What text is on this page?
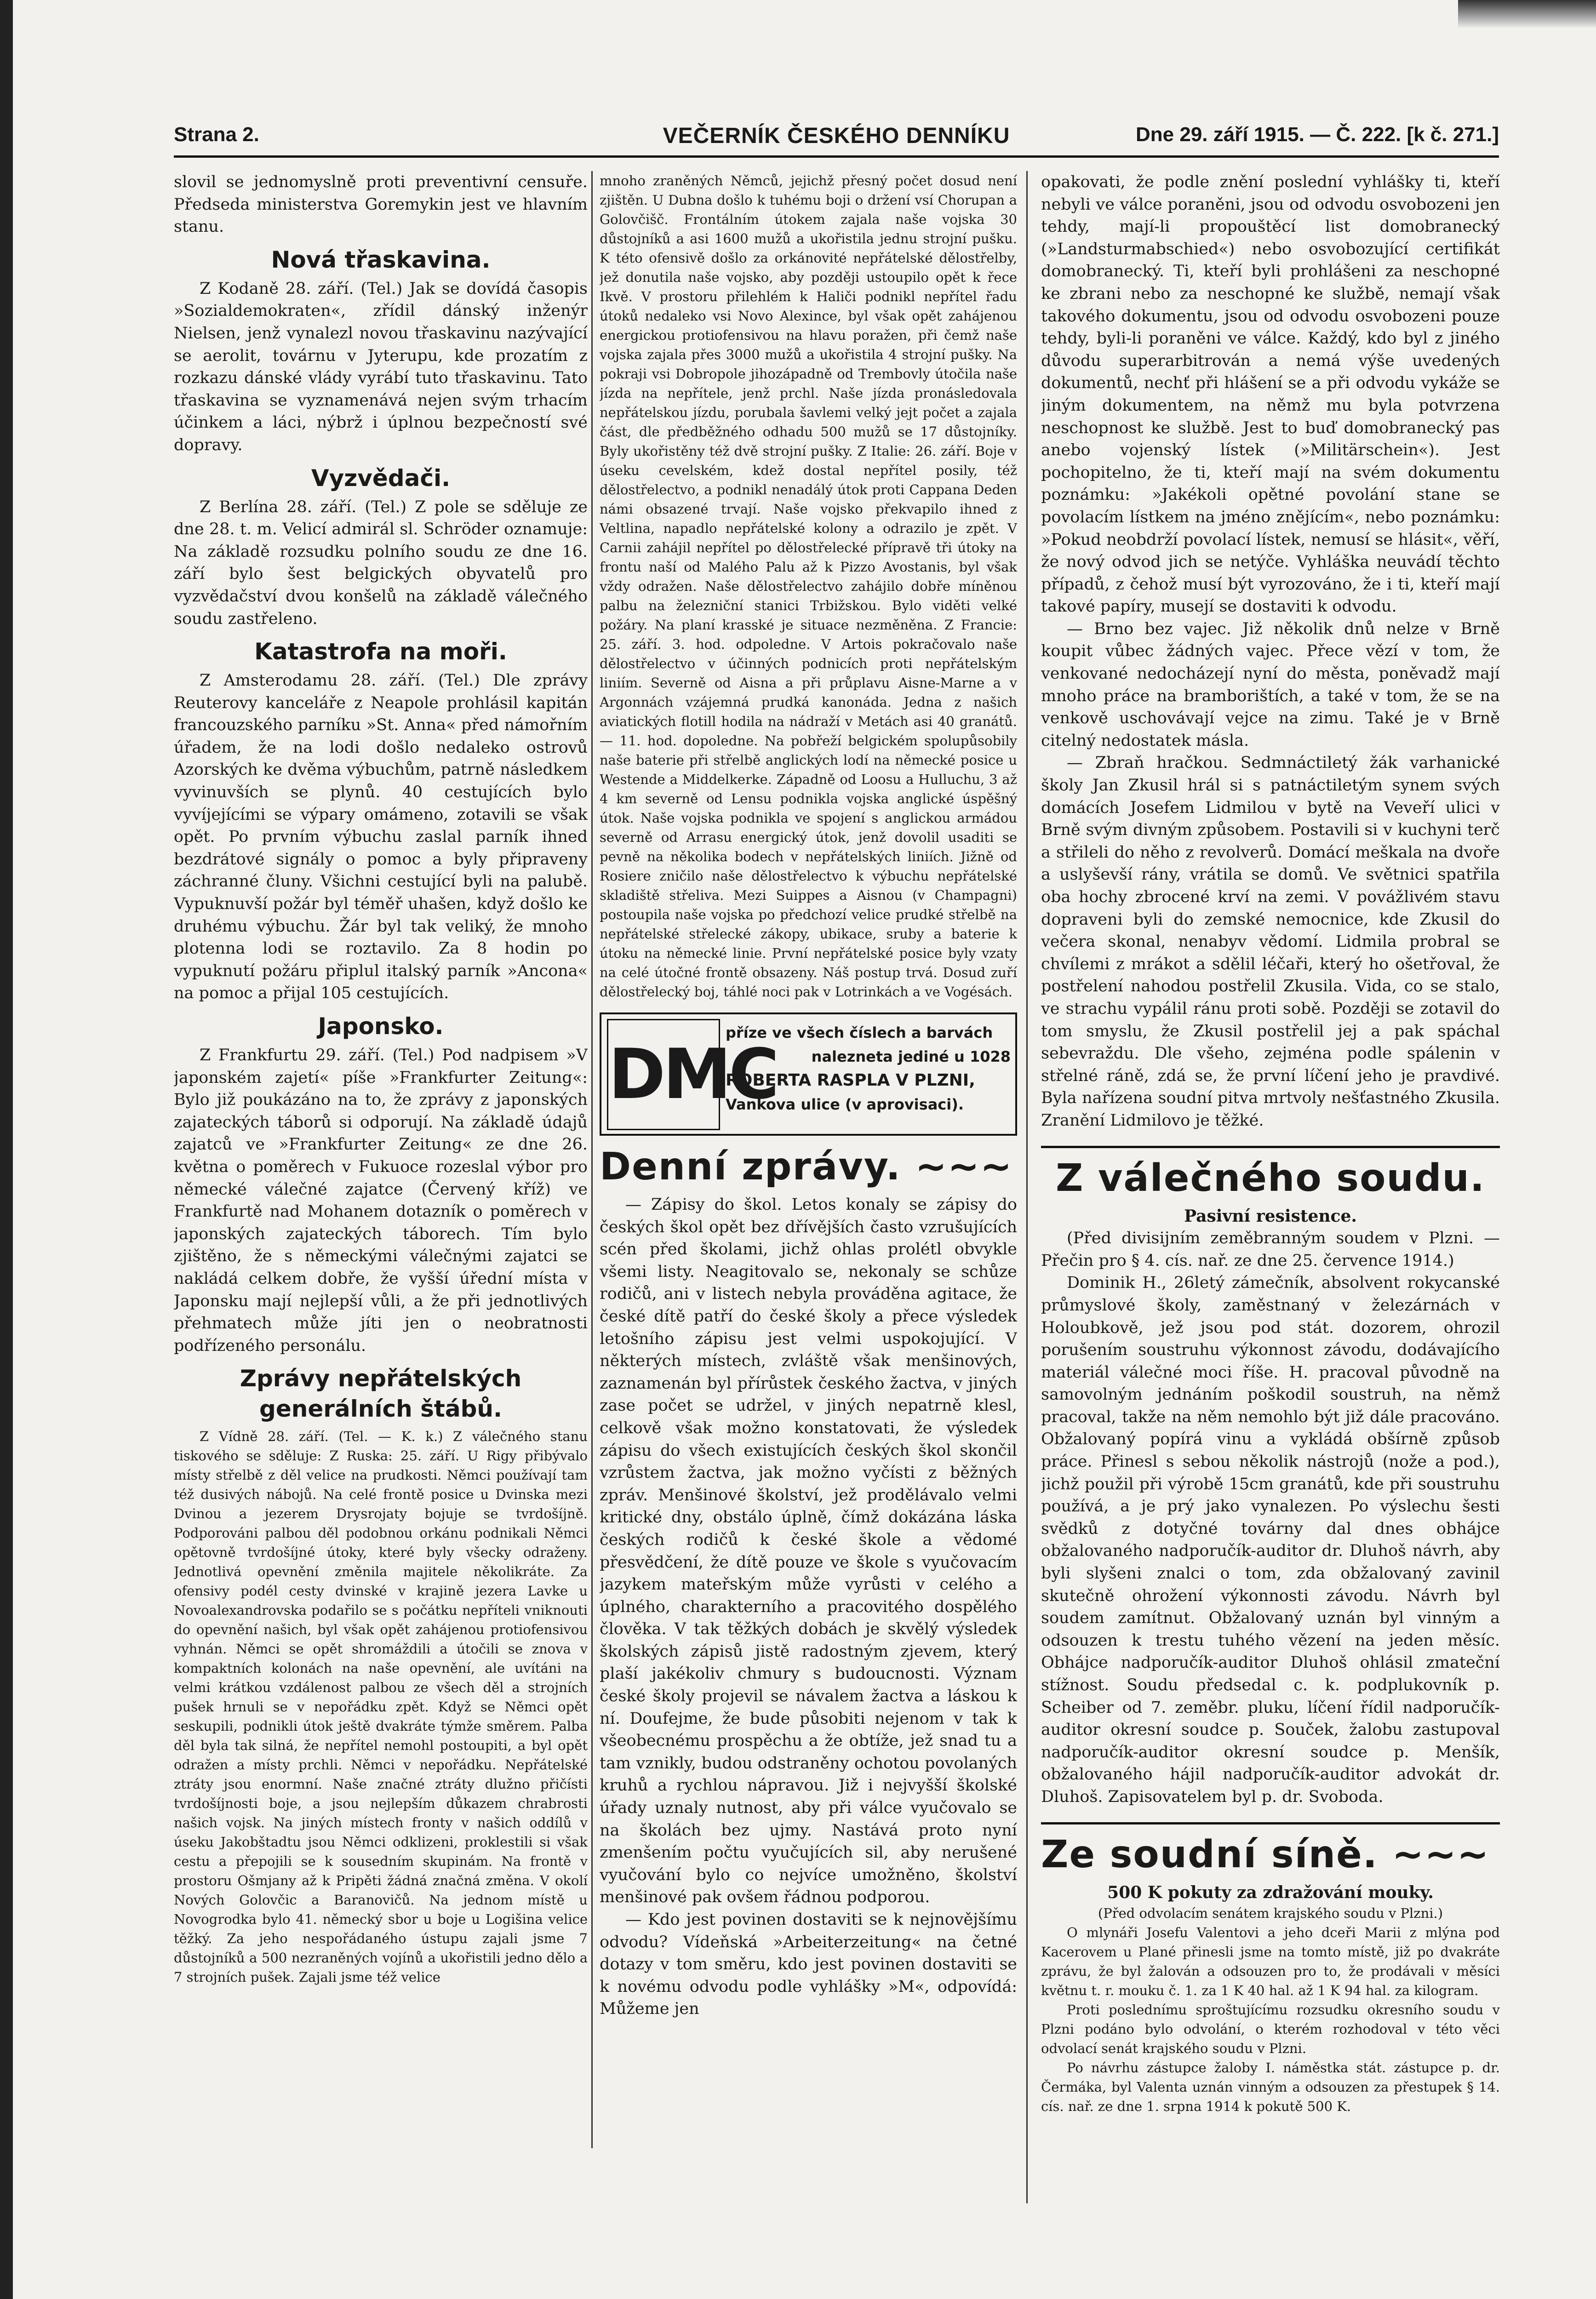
Strana 2.	VEČERNÍK ČESKÉHO DENNÍKU	Dne 29. září 1915. — Č. 222. [k č. 271.]

slovil se jednomyslně proti preventivní censuře. Předseda ministerstva Goremykin jest ve hlavním stanu.

Nová třaskavina.

Z Kodaně 28. září. (Tel.) Jak se dovídá časopis »Sozialdemokraten«, zřídil dánský inženýr Nielsen, jenž vynalezl novou třaskavinu nazývající se aerolit, továrnu v Jyterupu, kde prozatím z rozkazu dánské vlády vyrábí tuto třaskavinu. Tato třaskavina se vyznamenává nejen svým trhacím účinkem a láci, nýbrž i úplnou bezpečností své dopravy.

Vyzvědači.

Z Berlína 28. září. (Tel.) Z pole se sděluje ze dne 28. t. m. Velicí admirál sl. Schröder oznamuje: Na základě rozsudku polního soudu ze dne 16. září bylo šest belgických obyvatelů pro vyzvědačství dvou konšelů na základě válečného soudu zastřeleno.

Katastrofa na moři.

Z Amsterodamu 28. září. (Tel.) Dle zprávy Reuterovy kanceláře z Neapole prohlásil kapitán francouzského parníku »St. Anna« před námořním úřadem, že na lodi došlo nedaleko ostrovů Azorských ke dvěma výbuchům, patrně následkem vyvinuvších se plynů. 40 cestujících bylo vyvíjejícími se výpary omámeno, zotavili se však opět. Po prvním výbuchu zaslal parník ihned bezdrátové signály o pomoc a byly připraveny záchranné čluny. Všichni cestující byli na palubě. Vypuknuvší požár byl téměř uhašen, když došlo ke druhému výbuchu. Žár byl tak veliký, že mnoho plotenna lodi se roztavilo. Za 8 hodin po vypuknutí požáru připlul italský parník »Ancona« na pomoc a přijal 105 cestujících.

Japonsko.

Z Frankfurtu 29. září. (Tel.) Pod nadpisem »V japonském zajetí« píše »Frankfurter Zeitung«: Bylo již poukázáno na to, že zprávy z japonských zajateckých táborů si odporují. Na základě údajů zajatců ve »Frankfurter Zeitung« ze dne 26. května o poměrech v Fukuoce rozeslal výbor pro německé válečné zajatce (Červený kříž) ve Frankfurtě nad Mohanem dotazník o poměrech v japonských zajateckých táborech. Tím bylo zjištěno, že s německými válečnými zajatci se nakládá celkem dobře, že vyšší úřední místa v Japonsku mají nejlepší vůli, a že při jednotlivých přehmatech může jíti jen o neobratnosti podřízeného personálu.

Zprávy nepřátelských generálních štábů.

Z Vídně 28. září. (Tel. — K. k.) Z válečného stanu tiskového se sděluje: Z Ruska: 25. září. U Rigy přibývalo místy střelbě z děl velice na prudkosti. Němci používají tam též dusivých nábojů. Na celé frontě posice u Dvinska mezi Dvinou a jezerem Drysrojaty bojuje se tvrdošíjně. Podporováni palbou děl podobnou orkánu podnikali Němci opětovně tvrdošíjné útoky, které byly všecky odraženy. Jednotlivá opevnění změnila majitele několikráte. Za ofensivy podél cesty dvinské v krajině jezera Lavke u Novoalexandrovska podařilo se s počátku nepříteli vniknouti do opevnění našich, byl však opět zahájenou protiofensivou vyhnán. Němci se opět shromáždili a útočili se znova v kompaktních kolonách na naše opevnění, ale uvítáni na velmi krátkou vzdálenost palbou ze všech děl a strojních pušek hrnuli se v nepořádku zpět. Když se Němci opět seskupili, podnikli útok ještě dvakráte týmže směrem. Palba děl byla tak silná, že nepřítel nemohl postoupiti, a byl opět odražen a místy prchli. Němci v nepořádku. Nepřátelské ztráty jsou enormní. Naše značné ztráty dlužno přičísti tvrdošíjnosti boje, a jsou nejlepším důkazem chrabrosti našich vojsk. Na jiných místech fronty v našich oddílů v úseku Jakobštadtu jsou Němci odklizeni, proklestili si však cestu a přepojili se k sousedním skupinám. Na frontě v prostoru Ošmjany až k Pripěti žádná značná změna. V okolí Nových Golovčic a Baranovičů. Na jednom místě u Novogrodka bylo 41. německý sbor u boje u Logišina velice těžký. Za jeho nespořádaného ústupu zajali jsme 7 důstojníků a 500 nezraněných vojínů a ukořistili jedno dělo a 7 strojních pušek. Zajali jsme též velice

mnoho zraněných Němců, jejichž přesný počet dosud není zjištěn. U Dubna došlo k tuhému boji o držení vsí Chorupan a Golovčišč. Frontálním útokem zajala naše vojska 30 důstojníků a asi 1600 mužů a ukořistila jednu strojní pušku. K této ofensivě došlo za orkánovité nepřátelské dělostřelby, jež donutila naše vojsko, aby později ustoupilo opět k řece Ikvě. V prostoru přilehlém k Haliči podnikl nepřítel řadu útoků nedaleko vsi Novo Alexince, byl však opět zahájenou energickou protiofensivou na hlavu poražen, při čemž naše vojska zajala přes 3000 mužů a ukořistila 4 strojní pušky. Na pokraji vsi Dobropole jihozápadně od Trembovly útočila naše jízda na nepřítele, jenž prchl. Naše jízda pronásledovala nepřátelskou jízdu, porubala šavlemi velký jejt počet a zajala část, dle předběžného odhadu 500 mužů se 17 důstojníky. Byly ukořistěny též dvě strojní pušky. Z Italie: 26. září. Boje v úseku cevelském, kdež dostal nepřítel posily, též dělostřelectvo, a podnikl nenadálý útok proti Cappana Deden námi obsazené trvají. Naše vojsko překvapilo ihned z Veltlina, napadlo nepřátelské kolony a odrazilo je zpět. V Carnii zahájil nepřítel po dělostřelecké přípravě tři útoky na frontu naší od Malého Palu až k Pizzo Avostanis, byl však vždy odražen. Naše dělostřelectvo zahájilo dobře míněnou palbu na železniční stanici Trbižskou. Bylo viděti velké požáry. Na planí krasské je situace nezměněna. Z Francie: 25. září. 3. hod. odpoledne. V Artois pokračovalo naše dělostřelectvo v účinných podnicích proti nepřátelským liniím. Severně od Aisna a při průplavu Aisne-Marne a v Argonnách vzájemná prudká kanonáda. Jedna z našich aviatických flotill hodila na nádraží v Metách asi 40 granátů. — 11. hod. dopoledne. Na pobřeží belgickém spolupůsobily naše baterie při střelbě anglických lodí na německé posice u Westende a Middelkerke. Západně od Loosu a Hulluchu, 3 až 4 km severně od Lensu podnikla vojska anglické úspěšný útok. Naše vojska podnikla ve spojení s anglickou armádou severně od Arrasu energický útok, jenž dovolil usaditi se pevně na několika bodech v nepřátelských liniích. Jižně od Rosiere zničilo naše dělostřelectvo k výbuchu nepřátelské skladiště střeliva. Mezi Suippes a Aisnou (v Champagni) postoupila naše vojska po předchozí velice prudké střelbě na nepřátelské střelecké zákopy, ubikace, sruby a baterie k útoku na německé linie. První nepřátelské posice byly vzaty na celé útočné frontě obsazeny. Náš postup trvá. Dosud zuří dělostřelecký boj, táhlé noci pak v Lotrinkách a ve Vogésách.

DMC
příze ve všech číslech a barvách
nalezneta jediné u 1028
ROBERTA RASPLA V PLZNI,
Vankova ulice (v aprovisaci).
Denní zprávy. ~~~

— Zápisy do škol. Letos konaly se zápisy do českých škol opět bez dřívějších často vzrušujících scén před školami, jichž ohlas prolétl obvykle všemi listy. Neagitovalo se, nekonaly se schůze rodičů, ani v listech nebyla prováděna agitace, že české dítě patří do české školy a přece výsledek letošního zápisu jest velmi uspokojující. V některých místech, zvláště však menšinových, zaznamenán byl přírůstek českého žactva, v jiných zase počet se udržel, v jiných nepatrně klesl, celkově však možno konstatovati, že výsledek zápisu do všech existujících českých škol skončil vzrůstem žactva, jak možno vyčísti z běžných zpráv. Menšinové školství, jež prodělávalo velmi kritické dny, obstálo úplně, čímž dokázána láska českých rodičů k české škole a vědomé přesvědčení, že dítě pouze ve škole s vyučovacím jazykem mateřským může vyrůsti v celého a úplného, charakterního a pracovitého dospělého člověka. V tak těžkých dobách je skvělý výsledek školských zápisů jistě radostným zjevem, který plaší jakékoliv chmury s budoucnosti. Význam české školy projevil se návalem žactva a láskou k ní. Doufejme, že bude působiti nejenom v tak k všeobecnému prospěchu a že obtíže, jež snad tu a tam vznikly, budou odstraněny ochotou povolaných kruhů a rychlou nápravou. Již i nejvyšší školské úřady uznaly nutnost, aby při válce vyučovalo se na školách bez ujmy. Nastává proto nyní zmenšením počtu vyučujících sil, aby nerušené vyučování bylo co nejvíce umožněno, školství menšinové pak ovšem řádnou podporou.

— Kdo jest povinen dostaviti se k nejnovějšímu odvodu? Vídeňská »Arbeiterzeitung« na četné dotazy v tom směru, kdo jest povinen dostaviti se k novému odvodu podle vyhlášky »M«, odpovídá: Můžeme jen

opakovati, že podle znění poslední vyhlášky ti, kteří nebyli ve válce poraněni, jsou od odvodu osvobozeni jen tehdy, mají-li propouštěcí list domobranecký (»Landsturmabschied«) nebo osvobozující certifikát domobranecký. Ti, kteří byli prohlášeni za neschopné ke zbrani nebo za neschopné ke službě, nemají však takového dokumentu, jsou od odvodu osvobozeni pouze tehdy, byli-li poraněni ve válce. Každý, kdo byl z jiného důvodu superarbitrován a nemá výše uvedených dokumentů, nechť při hlášení se a při odvodu vykáže se jiným dokumentem, na němž mu byla potvrzena neschopnost ke službě. Jest to buď domobranecký pas anebo vojenský lístek (»Militärschein«). Jest pochopitelno, že ti, kteří mají na svém dokumentu poznámku: »Jakékoli opětné povolání stane se povolacím lístkem na jméno znějícím«, nebo poznámku: »Pokud neobdrží povolací lístek, nemusí se hlásit«, věří, že nový odvod jich se netýče. Vyhláška neuvádí těchto případů, z čehož musí být vyrozováno, že i ti, kteří mají takové papíry, musejí se dostaviti k odvodu.

— Brno bez vajec. Již několik dnů nelze v Brně koupit vůbec žádných vajec. Přece vězí v tom, že venkované nedocházejí nyní do města, poněvadž mají mnoho práce na bramborištích, a také v tom, že se na venkově uschovávají vejce na zimu. Také je v Brně citelný nedostatek másla.

— Zbraň hračkou. Sedmnáctiletý žák varhanické školy Jan Zkusil hrál si s patnáctiletým synem svých domácích Josefem Lidmilou v bytě na Veveří ulici v Brně svým divným způsobem. Postavili si v kuchyni terč a střileli do něho z revolverů. Domácí meškala na dvoře a uslyševší rány, vrátila se domů. Ve světnici spatřila oba hochy zbrocené krví na zemi. V povážlivém stavu dopraveni byli do zemské nemocnice, kde Zkusil do večera skonal, nenabyv vědomí. Lidmila probral se chvílemi z mrákot a sdělil léčaři, který ho ošetřoval, že postřelení nahodou postřelil Zkusila. Vida, co se stalo, ve strachu vypálil ránu proti sobě. Později se zotavil do tom smyslu, že Zkusil postřelil jej a pak spáchal sebevraždu. Dle všeho, zejména podle spálenin v střelné ráně, zdá se, že první líčení jeho je pravdivé. Byla nařízena soudní pitva mrtvoly nešťastného Zkusila. Zranění Lidmilovo je těžké.

Z válečného soudu.
Pasivní resistence.

(Před divisijním zeměbranným soudem v Plzni. — Přečin pro § 4. cís. nař. ze dne 25. července 1914.)

Dominik H., 26letý zámečník, absolvent rokycanské průmyslové školy, zaměstnaný v železárnách v Holoubkově, jež jsou pod stát. dozorem, ohrozil porušením soustruhu výkonnost závodu, dodávajícího materiál válečné moci říše. H. pracoval původně na samovolným jednáním poškodil soustruh, na němž pracoval, takže na něm nemohlo být již dále pracováno. Obžalovaný popírá vinu a vykládá obšírně způsob práce. Přinesl s sebou několik nástrojů (nože a pod.), jichž použil při výrobě 15cm granátů, kde při soustruhu používá, a je prý jako vynalezen. Po výslechu šesti svědků z dotyčné továrny dal dnes obhájce obžalovaného nadporučík-auditor dr. Dluhoš návrh, aby byli slyšeni znalci o tom, zda obžalovaný zavinil skutečně ohrožení výkonnosti závodu. Návrh byl soudem zamítnut. Obžalovaný uznán byl vinným a odsouzen k trestu tuhého vězení na jeden měsíc. Obhájce nadporučík-auditor Dluhoš ohlásil zmateční stížnost. Soudu předsedal c. k. podplukovník p. Scheiber od 7. zeměbr. pluku, líčení řídil nadporučík-auditor okresní soudce p. Souček, žalobu zastupoval nadporučík-auditor okresní soudce p. Menšík, obžalovaného hájil nadporučík-auditor advokát dr. Dluhoš. Zapisovatelem byl p. dr. Svoboda.

Ze soudní síně. ~~~
500 K pokuty za zdražování mouky.

(Před odvolacím senátem krajského soudu v Plzni.)

O mlynáři Josefu Valentovi a jeho dceři Marii z mlýna pod Kacerovem u Plané přinesli jsme na tomto místě, již po dvakráte zprávu, že byl žalován a odsouzen pro to, že prodávali v měsíci květnu t. r. mouku č. 1. za 1 K 40 hal. až 1 K 94 hal. za kilogram.

Proti poslednímu sproštujícímu rozsudku okresního soudu v Plzni podáno bylo odvolání, o kterém rozhodoval v této věci odvolací senát krajského soudu v Plzni.

Po návrhu zástupce žaloby I. náměstka stát. zástupce p. dr. Čermáka, byl Valenta uznán vinným a odsouzen za přestupek § 14. cís. nař. ze dne 1. srpna 1914 k pokutě 500 K.
